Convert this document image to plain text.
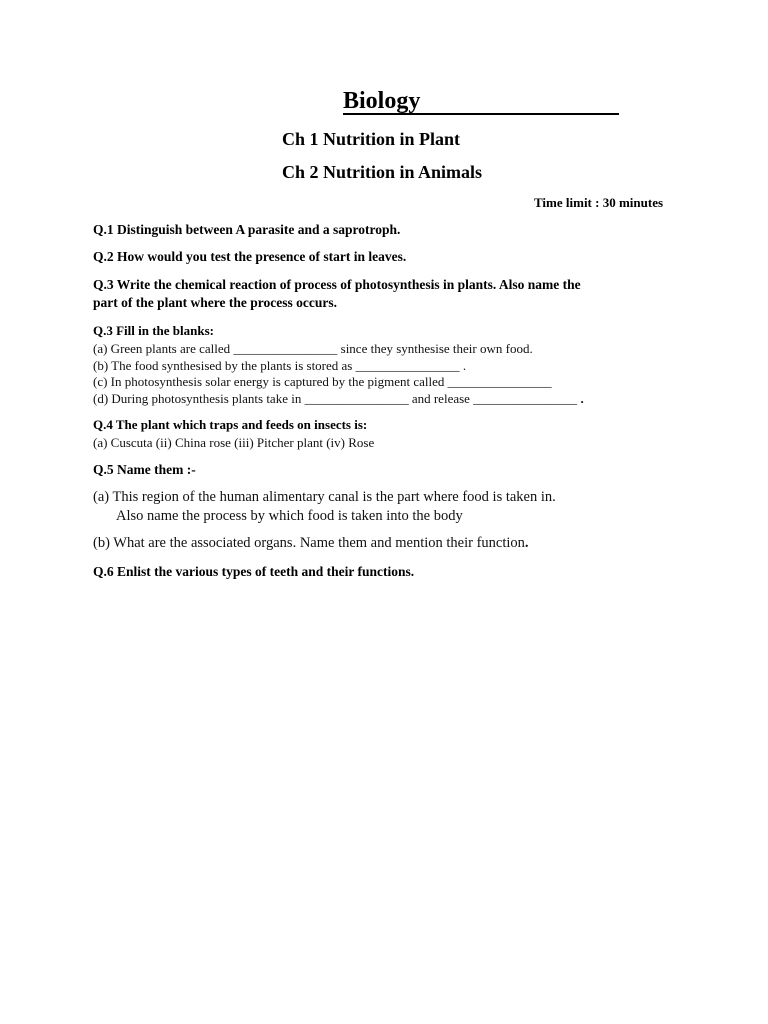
Biology
Ch 1 Nutrition in Plant
Ch 2 Nutrition in Animals
Time limit : 30 minutes
Q.1 Distinguish between A parasite and a saprotroph.
Q.2 How would you test the presence of start in leaves.
Q.3 Write the chemical reaction of process of photosynthesis in plants. Also name the
part of the plant where the process occurs.
Q.3 Fill in the blanks:
(a) Green plants are called ________________ since they synthesise their own food.
(b) The food synthesised by the plants is stored as ________________ .
(c) In photosynthesis solar energy is captured by the pigment called ________________
(d) During photosynthesis plants take in ________________ and release ________________ .
Q.4 The plant which traps and feeds on insects is:
(a) Cuscuta (ii) China rose (iii) Pitcher plant (iv) Rose
Q.5 Name them :-
(a) This region of the human alimentary canal is the part where food is taken in.
Also name the process by which food is taken into the body
(b) What are the associated organs. Name them and mention their function.
Q.6 Enlist the various types of teeth and their functions.
